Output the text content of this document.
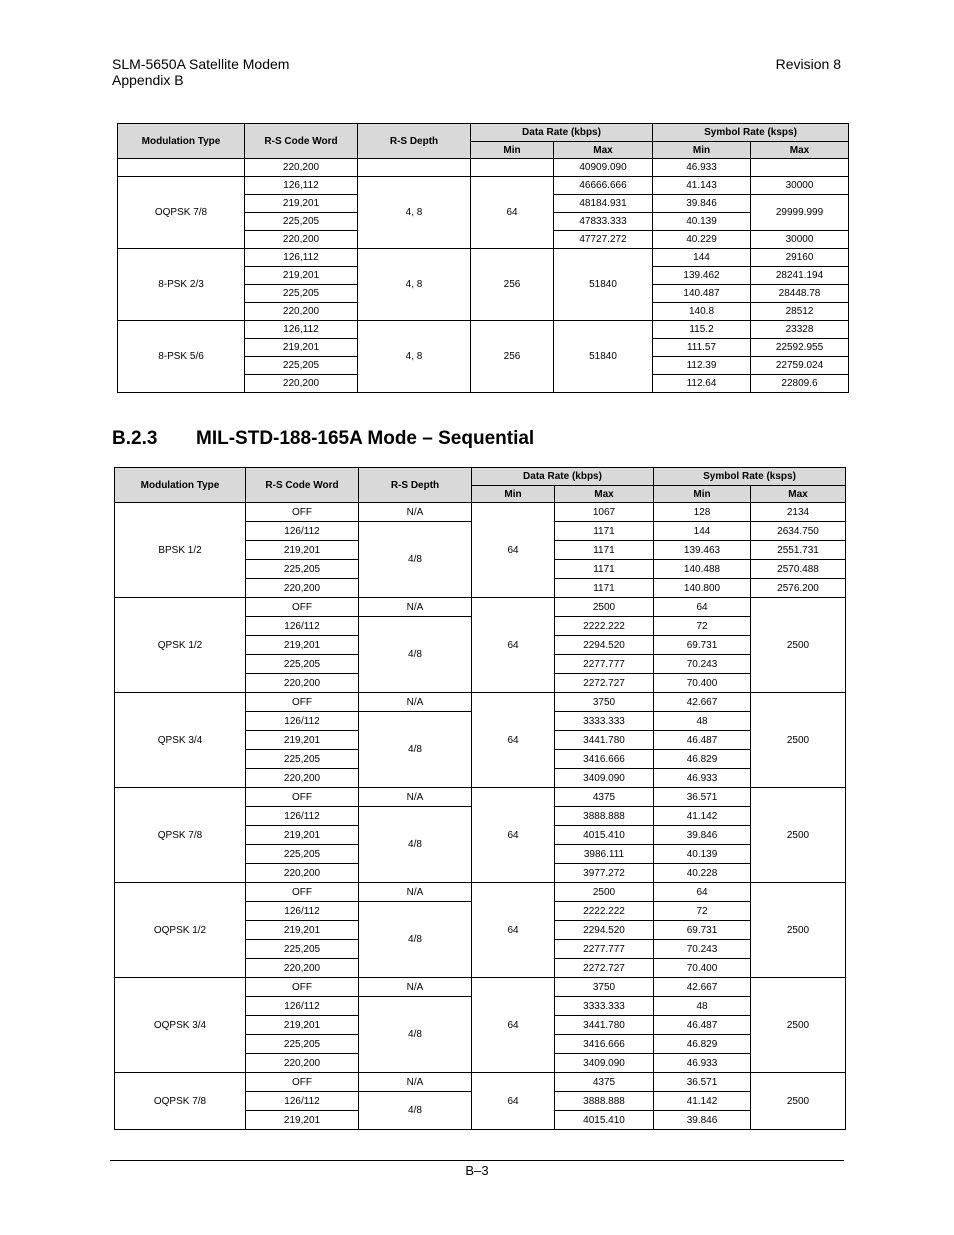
SLM-5650A Satellite Modem
Appendix B
Revision 8
Modulation Type	R-S Code Word	R-S Depth	Data Rate (kbps)		Symbol Rate (ksps)	
			Min	Max	Min	Max
	220,200			40909.090	46.933	
OQPSK 7/8	126,112	4, 8	64	46666.666	41.143	30000
	219,201			48184.931	39.846	29999.999
	225,205			47833.333	40.139	
	220,200			47727.272	40.229	30000
8-PSK 2/3	126,112	4, 8	256	51840	144	29160
	219,201				139.462	28241.194
	225,205				140.487	28448.78
	220,200				140.8	28512
8-PSK 5/6	126,112	4, 8	256	51840	115.2	23328
	219,201				111.57	22592.955
	225,205				112.39	22759.024
	220,200				112.64	22809.6
B.2.3 MIL-STD-188-165A Mode – Sequential
Modulation Type	R-S Code Word	R-S Depth	Data Rate (kbps)		Symbol Rate (ksps)	
			Min	Max	Min	Max
BPSK 1/2	OFF	N/A	64	1067	128	2134
	126/112	4/8		1171	144	2634.750
	219,201			1171	139.463	2551.731
	225,205			1171	140.488	2570.488
	220,200			1171	140.800	2576.200
QPSK 1/2	OFF	N/A	64	2500	64	2500
	126/112	4/8		2222.222	72	
	219,201			2294.520	69.731	
	225,205			2277.777	70.243	
	220,200			2272.727	70.400	
QPSK 3/4	OFF	N/A	64	3750	42.667	2500
	126/112	4/8		3333.333	48	
	219,201			3441.780	46.487	
	225,205			3416.666	46.829	
	220,200			3409.090	46.933	
QPSK 7/8	OFF	N/A	64	4375	36.571	2500
	126/112	4/8		3888.888	41.142	
	219,201			4015.410	39.846	
	225,205			3986.111	40.139	
	220,200			3977.272	40.228	
OQPSK 1/2	OFF	N/A	64	2500	64	2500
	126/112	4/8		2222.222	72	
	219,201			2294.520	69.731	
	225,205			2277.777	70.243	
	220,200			2272.727	70.400	
OQPSK 3/4	OFF	N/A	64	3750	42.667	2500
	126/112	4/8		3333.333	48	
	219,201			3441.780	46.487	
	225,205			3416.666	46.829	
	220,200			3409.090	46.933	
OQPSK 7/8	OFF	N/A	64	4375	36.571	2500
	126/112	4/8		3888.888	41.142	
	219,201			4015.410	39.846	
B–3
